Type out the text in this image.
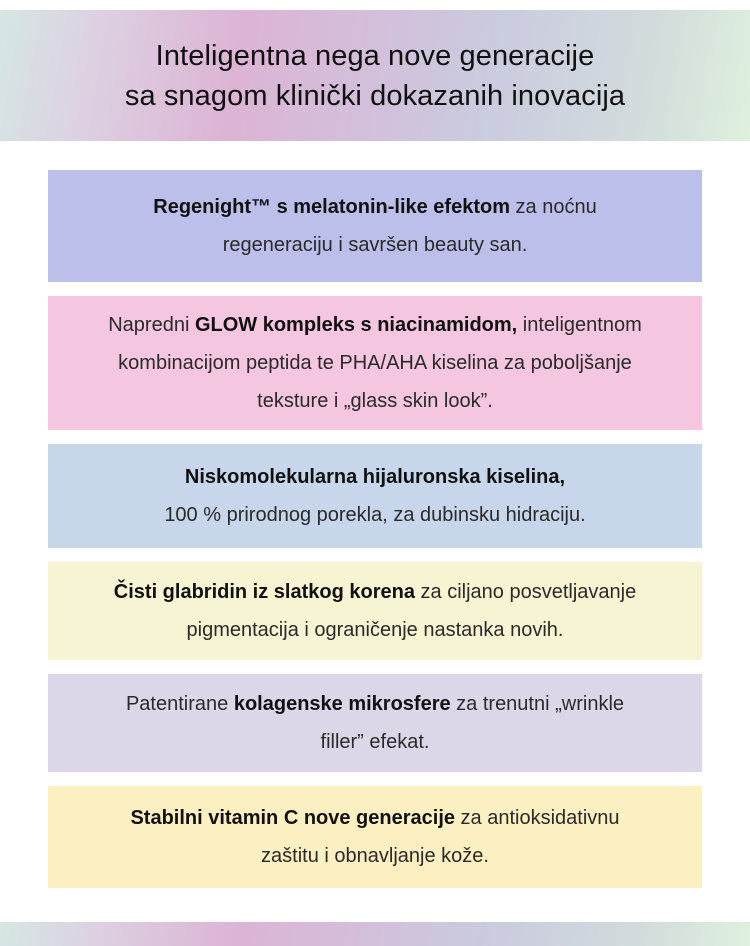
Inteligentna nega nove generacije
sa snagom klinički dokazanih inovacija
Regenight™ s melatonin-like efektom za noćnu
regeneraciju i savršen beauty san.
Napredni GLOW kompleks s niacinamidom, inteligentnom
kombinacijom peptida te PHA/AHA kiselina za poboljšanje
teksture i „glass skin look”.
Niskomolekularna hijaluronska kiselina,
100 % prirodnog porekla, za dubinsku hidraciju.
Čisti glabridin iz slatkog korena za ciljano posvetljavanje
pigmentacija i ograničenje nastanka novih.
Patentirane kolagenske mikrosfere za trenutni „wrinkle
filler” efekat.
Stabilni vitamin C nove generacije za antioksidativnu
zaštitu i obnavljanje kože.
